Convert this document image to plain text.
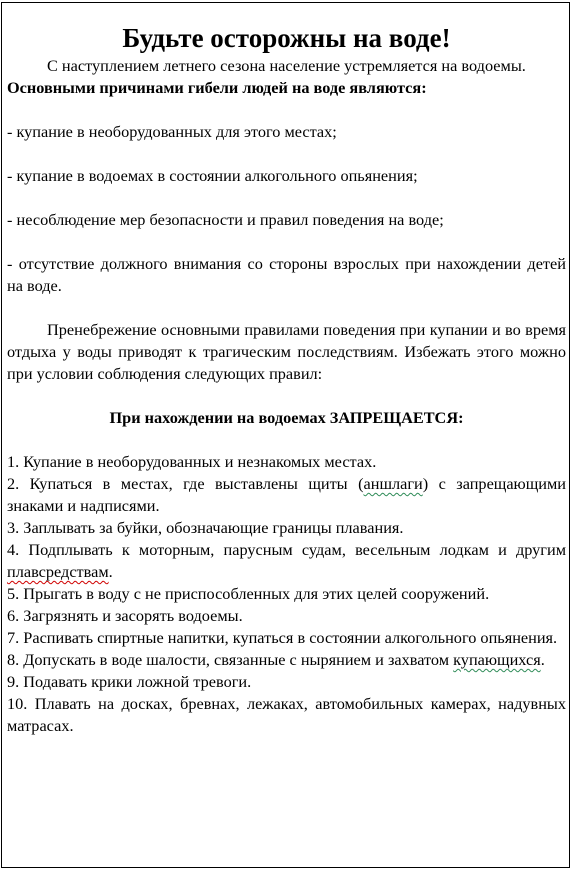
Будьте осторожны на воде!

С наступлением летнего сезона население устремляется на водоемы.

Основными причинами гибели людей на воде являются:

- купание в необорудованных для этого местах;

- купание в водоемах в состоянии алкогольного опьянения;

- несоблюдение мер безопасности и правил поведения на воде;

- отсутствие должного внимания со стороны взрослых при нахождении детей на воде.

Пренебрежение основными правилами поведения при купании и во время отдыха у воды приводят к трагическим последствиям. Избежать этого можно при условии соблюдения следующих правил:

При нахождении на водоемах ЗАПРЕЩАЕТСЯ:

1. Купание в необорудованных и незнакомых местах.
2. Купаться в местах, где выставлены щиты (аншлаги) с запрещающими знаками и надписями.
3. Заплывать за буйки, обозначающие границы плавания.
4. Подплывать к моторным, парусным судам, весельным лодкам и другим плавсредствам.
5. Прыгать в воду с не приспособленных для этих целей сооружений.
6. Загрязнять и засорять водоемы.
7. Распивать спиртные напитки, купаться в состоянии алкогольного опьянения.
8. Допускать в воде шалости, связанные с нырянием и захватом купающихся.
9. Подавать крики ложной тревоги.
10. Плавать на досках, бревнах, лежаках, автомобильных камерах, надувных матрасах.
